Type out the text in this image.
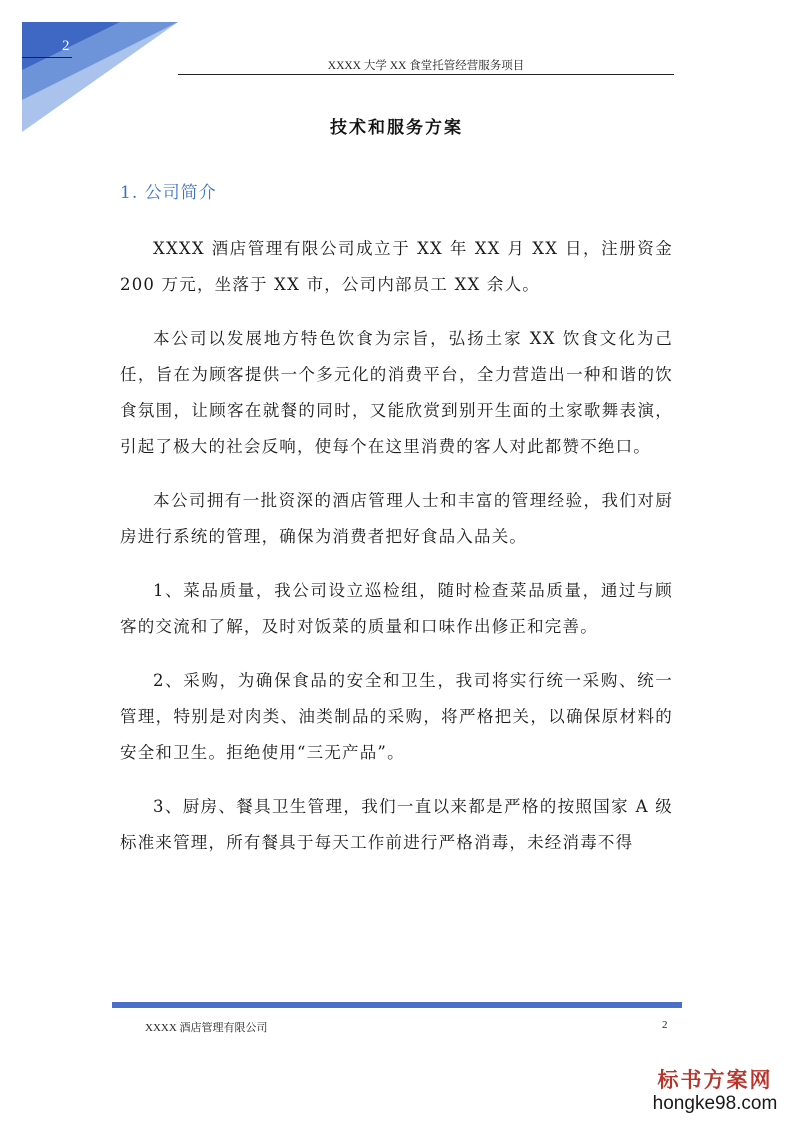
2
XXXX 大学 XX 食堂托管经营服务项目
技术和服务方案
1. 公司简介

XXXX 酒店管理有限公司成立于 XX 年 XX 月 XX 日，注册资金 200 万元，坐落于 XX 市，公司内部员工 XX 余人。

本公司以发展地方特色饮食为宗旨，弘扬土家 XX 饮食文化为己任，旨在为顾客提供一个多元化的消费平台，全力营造出一种和谐的饮食氛围，让顾客在就餐的同时，又能欣赏到别开生面的土家歌舞表演，引起了极大的社会反响，使每个在这里消费的客人对此都赞不绝口。

本公司拥有一批资深的酒店管理人士和丰富的管理经验，我们对厨房进行系统的管理，确保为消费者把好食品入品关。

1、菜品质量，我公司设立巡检组，随时检查菜品质量，通过与顾客的交流和了解，及时对饭菜的质量和口味作出修正和完善。

2、采购，为确保食品的安全和卫生，我司将实行统一采购、统一管理，特别是对肉类、油类制品的采购，将严格把关，以确保原材料的安全和卫生。拒绝使用“三无产品”。

3、厨房、餐具卫生管理，我们一直以来都是严格的按照国家 A 级标准来管理，所有餐具于每天工作前进行严格消毒，未经消毒不得

XXXX 酒店管理有限公司	2
标书方案网
hongke98.com
